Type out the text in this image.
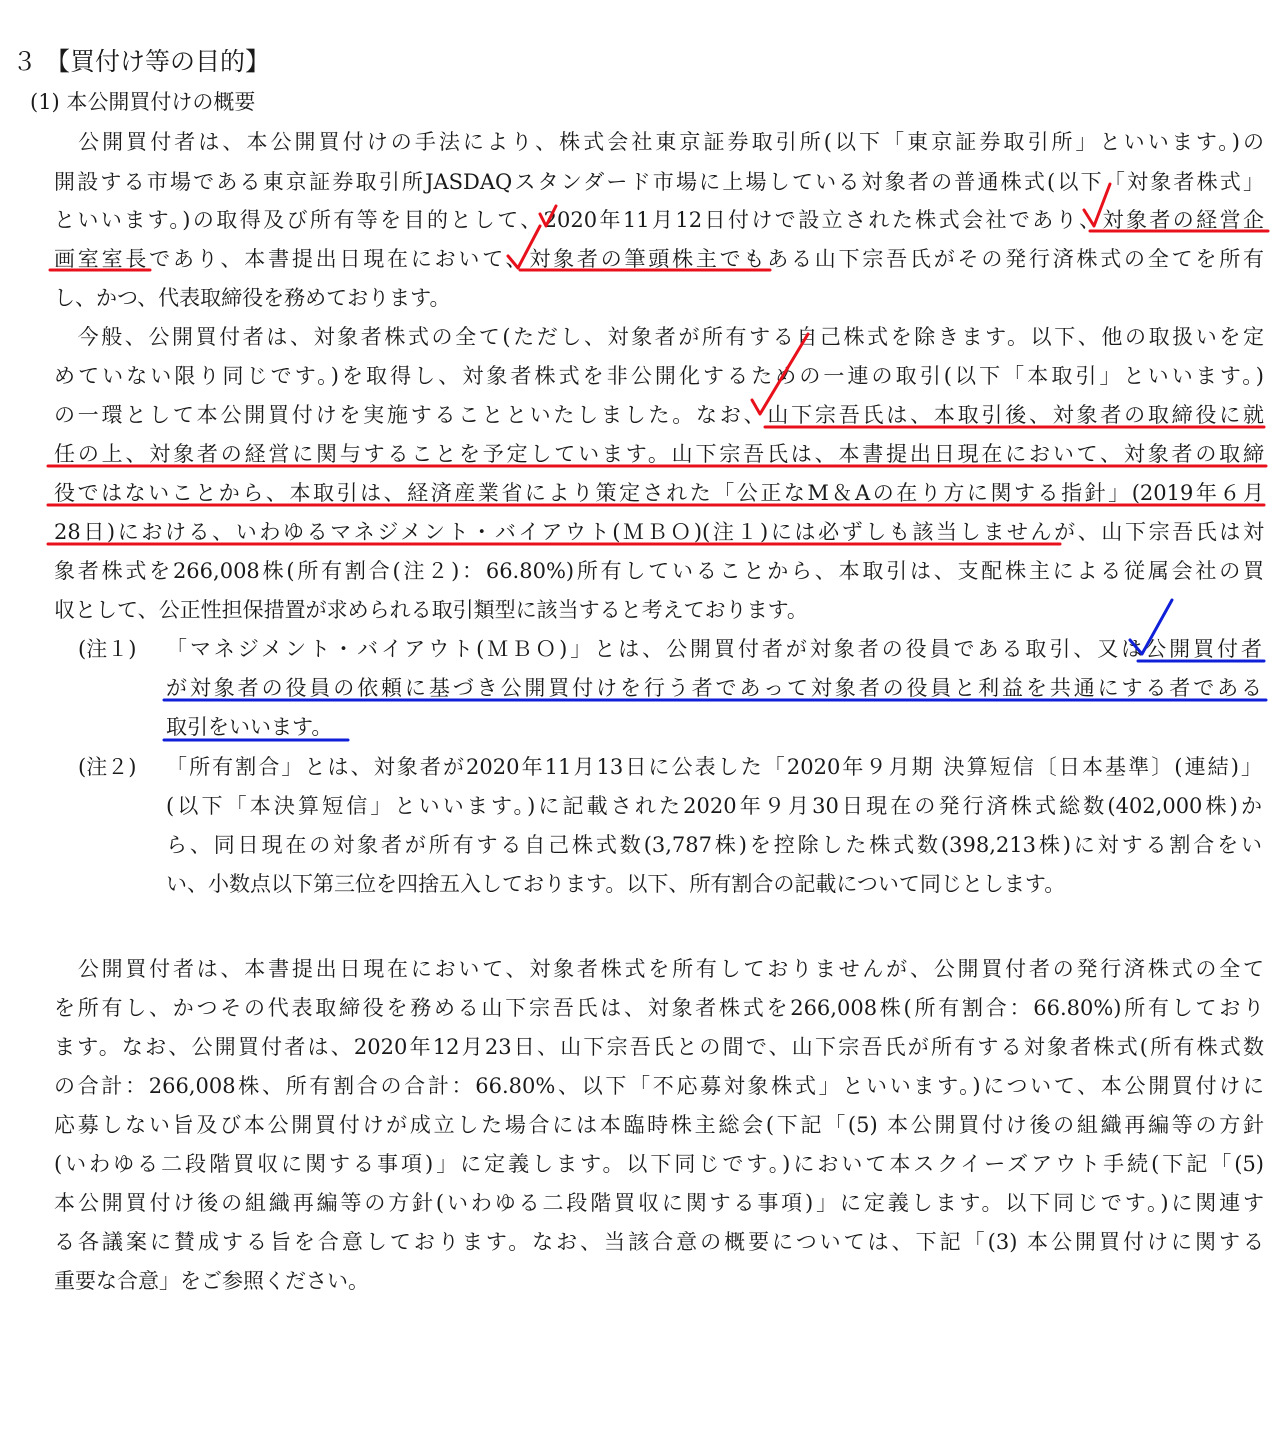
３ 【買付け等の目的】
(1) 本公開買付けの概要
　公開買付者は、本公開買付けの手法により、株式会社東京証券取引所(以下「東京証券取引所」といいます。)の
開設する市場である東京証券取引所JASDAQスタンダード市場に上場している対象者の普通株式(以下「対象者株式」
といいます。)の取得及び所有等を目的として、2020年11月12日付けで設立された株式会社であり、対象者の経営企
画室室長であり、本書提出日現在において、対象者の筆頭株主でもある山下宗吾氏がその発行済株式の全てを所有
し、かつ、代表取締役を務めております。
　今般、公開買付者は、対象者株式の全て(ただし、対象者が所有する自己株式を除きます。以下、他の取扱いを定
めていない限り同じです。)を取得し、対象者株式を非公開化するための一連の取引(以下「本取引」といいます。)
の一環として本公開買付けを実施することといたしました。なお、山下宗吾氏は、本取引後、対象者の取締役に就
任の上、対象者の経営に関与することを予定しています。山下宗吾氏は、本書提出日現在において、対象者の取締
役ではないことから、本取引は、経済産業省により策定された「公正なM＆Aの在り方に関する指針」(2019年６月
28日)における、いわゆるマネジメント・バイアウト(ＭＢＯ)(注１)には必ずしも該当しませんが、山下宗吾氏は対
象者株式を266,008株(所有割合(注２)：66.80%)所有していることから、本取引は、支配株主による従属会社の買
収として、公正性担保措置が求められる取引類型に該当すると考えております。
(注１) 「マネジメント・バイアウト(ＭＢＯ)」とは、公開買付者が対象者の役員である取引、又は公開買付者
が対象者の役員の依頼に基づき公開買付けを行う者であって対象者の役員と利益を共通にする者である
取引をいいます。
(注２) 「所有割合」とは、対象者が2020年11月13日に公表した「2020年９月期 決算短信〔日本基準〕(連結)」
(以下「本決算短信」といいます。)に記載された2020年９月30日現在の発行済株式総数(402,000株)か
ら、同日現在の対象者が所有する自己株式数(3,787株)を控除した株式数(398,213株)に対する割合をい
い、小数点以下第三位を四捨五入しております。以下、所有割合の記載について同じとします。
　公開買付者は、本書提出日現在において、対象者株式を所有しておりませんが、公開買付者の発行済株式の全て
を所有し、かつその代表取締役を務める山下宗吾氏は、対象者株式を266,008株(所有割合：66.80%)所有しており
ます。なお、公開買付者は、2020年12月23日、山下宗吾氏との間で、山下宗吾氏が所有する対象者株式(所有株式数
の合計：266,008株、所有割合の合計：66.80%、以下「不応募対象株式」といいます。)について、本公開買付けに
応募しない旨及び本公開買付けが成立した場合には本臨時株主総会(下記「(5) 本公開買付け後の組織再編等の方針
(いわゆる二段階買収に関する事項)」に定義します。以下同じです。)において本スクイーズアウト手続(下記「(5)
本公開買付け後の組織再編等の方針(いわゆる二段階買収に関する事項)」に定義します。以下同じです。)に関連す
る各議案に賛成する旨を合意しております。なお、当該合意の概要については、下記「(3) 本公開買付けに関する
重要な合意」をご参照ください。
